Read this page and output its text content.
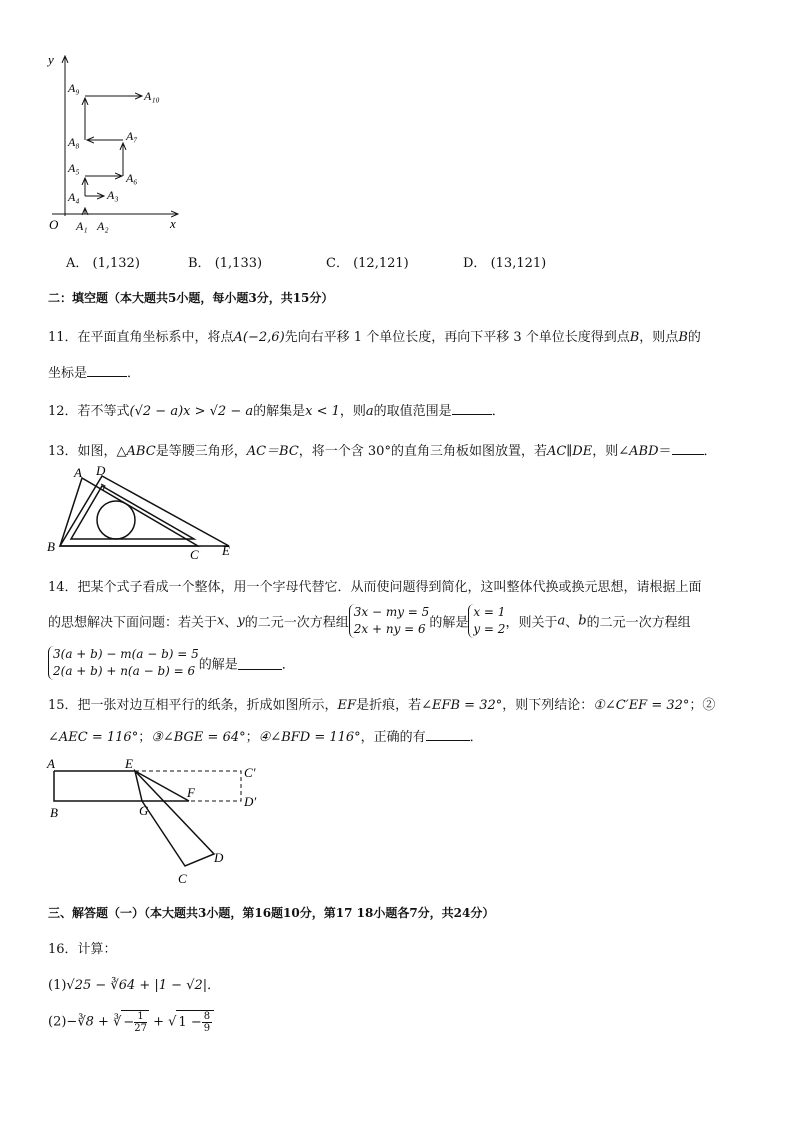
y
x
O A₁ A₂
A₃
A₄
A₅
A₆
A₇
A₈
A₉
A₁₀
A． (1,132)	B． (1,133)	C． (12,121)	D． (13,121)
二：填空题（本大题共5小题，每小题3分，共15分）
11．在平面直角坐标系中，将点A(−2,6)先向右平移 1 个单位长度，再向下平移 3 个单位长度得到点B，则点B的
坐标是	．
12．若不等式(√2 − a)x > √2 − a的解集是x < 1，则a的取值范围是	．
13．如图，△ABC是等腰三角形，AC＝BC，将一个含 30°的直角三角板如图放置，若AC∥DE，则∠ABD＝ ．
A D
B
C E
14．把某个式子看成一个整体，用一个字母代替它．从而使问题得到简化，这叫整体代换或换元思想，请根据上面
的思想解决下面问题：若关于x、y的二元一次方程组3x − my = 5
2x + ny = 6 的解是x = 1
y = 2，则关于a、b的二元一次方程组
3(a + b) − m(a − b) = 5
2(a + b) + n(a − b) = 6 的解是	．
15．把一张对边互相平行的纸条，折成如图所示，EF是折痕，若∠EFB = 32°，则下列结论：①∠C′EF = 32°；②
∠AEC = 116°；③∠BGE = 64°；④∠BFD = 116°，正确的有	．
A	E
C′
D′
B	G
F
D
C
三、解答题（一）（本大题共3小题，第16题10分，第17 18小题各7分，共24分）
16．计算：
(1)√25 − ∛64 + |1 − √2|．
(2)−∛8 + ∛ − $\frac{1}{27}$ + √ $1 - \frac{8}{9}$
